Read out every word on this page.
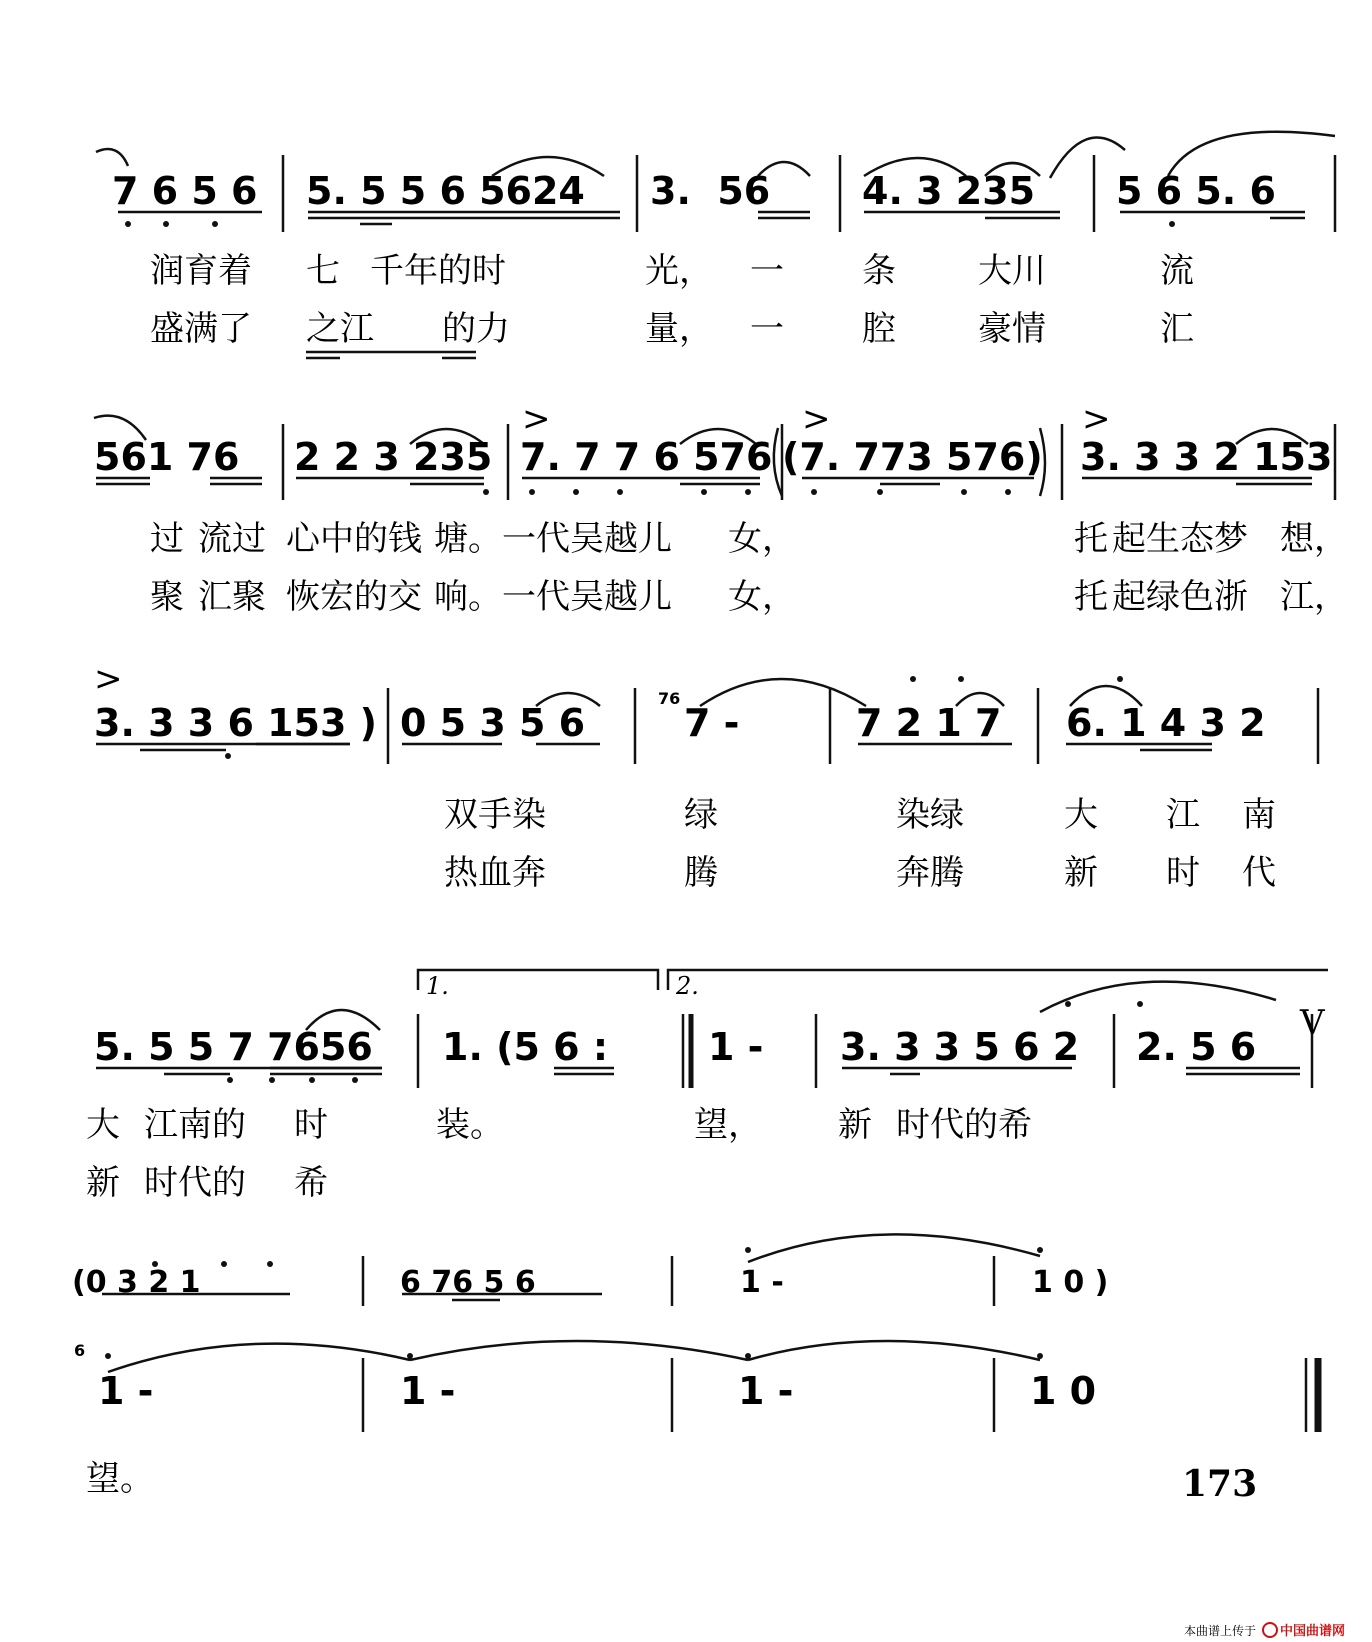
7 6 5 6 5. 5 5 6 5624 3.  56 4. 3 235 5 6 5. 6
润育着 七 千年的时	光， 一 条 大川	流
盛满了 之江 的力	量， 一 腔 豪情	汇
>	>	>
561 76 2 2 3 235 7. 7 7 6 576 (7. 773 576) 3. 3 3 2 153
过 流过 心中的钱 塘。一代吴越儿 女，	托 起生态梦 想，
聚 汇聚 恢宏的交 响。一代吴越儿 女，	托 起绿色浙 江，
>	76
3. 3 3 6 153 ) 0 5 3 5 6	7 -	7 2 1 7 6. 1 4 3 2
双手染	绿	染绿	大 江 南
热血奔	腾	奔腾	新 时 代
1.	2.
V
5. 5 5 7 7656 1. (5 6 :	1 - 3. 3 3 5 6 2 2. 5 6
大 江南的 时	装。	望， 新 时代的希
新 时代的 希
(0 3 2 1	6 76 5 6	1 -	1 0 )
6
1 -	1 -	1 -	1 0
望。	173
本曲谱上传于 中国曲谱网
